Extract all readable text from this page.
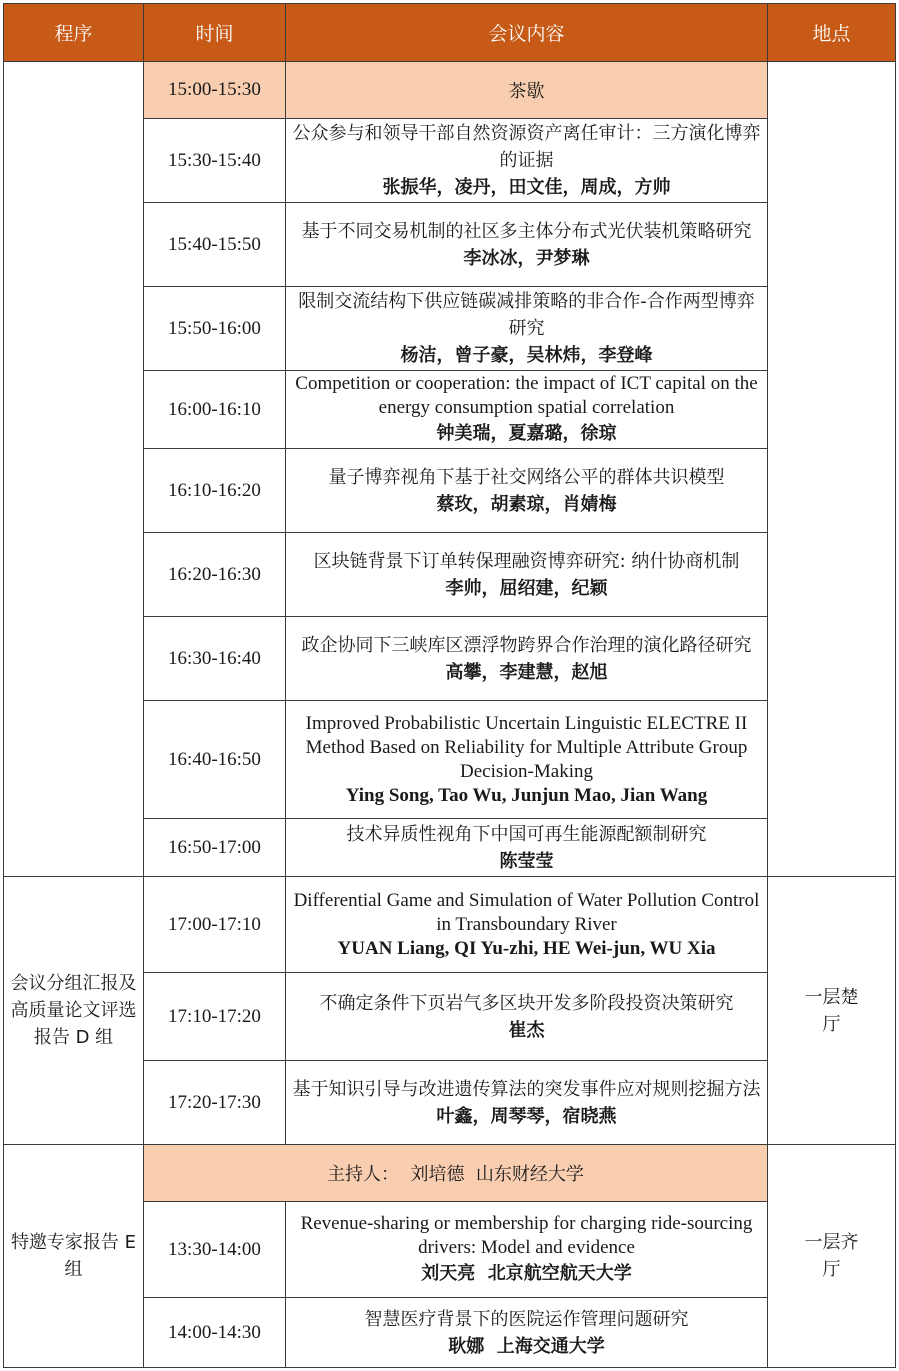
程序	时间	会议内容	地点
	15:00-15:30	茶歇	
	15:30-15:40	公众参与和领导干部自然资源资产离任审计：三方演化博弈的证据
张振华，凌丹，田文佳，周成，方帅	

	15:40-15:50	基于不同交易机制的社区多主体分布式光伏装机策略研究
李冰冰，尹梦琳	

	15:50-16:00	限制交流结构下供应链碳减排策略的非合作-合作两型博弈研究
杨洁，曾子豪，吴林炜，李登峰	

	16:00-16:10	Competition or cooperation: the impact of ICT capital on the energy consumption spatial correlation
钟美瑞，夏嘉璐，徐琼	

	16:10-16:20	量子博弈视角下基于社交网络公平的群体共识模型
蔡玫，胡素琼，肖婧梅	

	16:20-16:30	区块链背景下订单转保理融资博弈研究: 纳什协商机制
李帅，屈绍建，纪颖	

	16:30-16:40	政企协同下三峡库区漂浮物跨界合作治理的演化路径研究
高攀，李建慧，赵旭	

	16:40-16:50	Improved Probabilistic Uncertain Linguistic ELECTRE II Method Based on Reliability for Multiple Attribute Group Decision-Making
Ying Song, Tao Wu, Junjun Mao, Jian Wang	

	16:50-17:00	技术异质性视角下中国可再生能源配额制研究
陈莹莹	

会议分组汇报及高质量论文评选报告 D 组	17:00-17:10	Differential Game and Simulation of Water Pollution Control in Transboundary River
YUAN Liang, QI Yu-zhi, HE Wei-jun, WU Xia	一层楚厅
	17:10-17:20	不确定条件下页岩气多区块开发多阶段投资决策研究
崔杰	

	17:20-17:30	基于知识引导与改进遗传算法的突发事件应对规则挖掘方法
叶鑫，周琴琴，宿晓燕	

特邀专家报告 E 组	主持人：  刘培德  山东财经大学		一层齐厅
	13:30-14:00	Revenue-sharing or membership for charging ride-sourcing drivers: Model and evidence
刘天亮  北京航空航天大学	

	14:00-14:30	智慧医疗背景下的医院运作管理问题研究
耿娜  上海交通大学	
